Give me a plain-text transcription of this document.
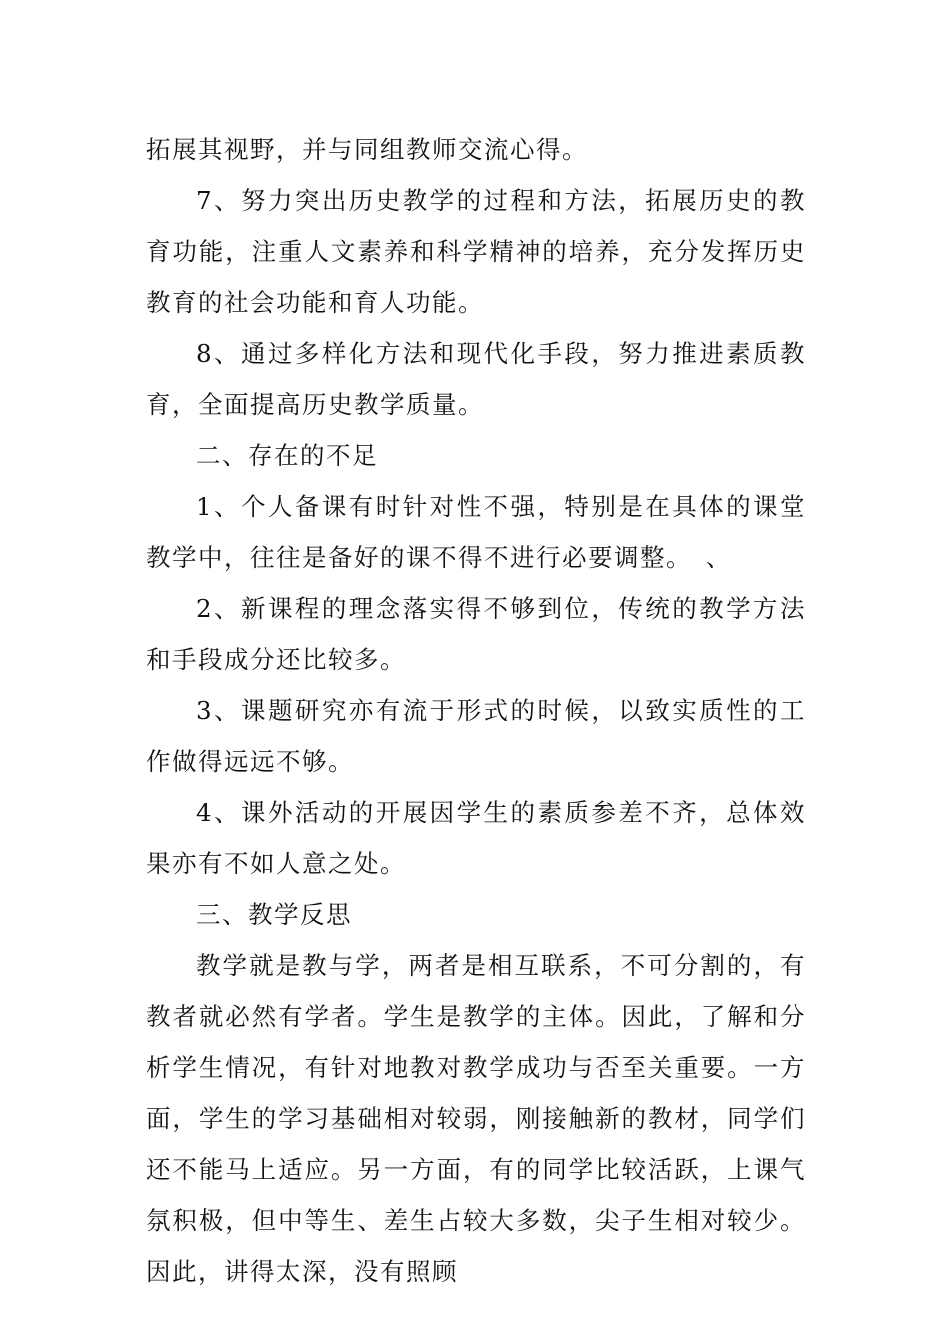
拓展其视野，并与同组教师交流心得。

7、努力突出历史教学的过程和方法，拓展历史的教育功能，注重人文素养和科学精神的培养，充分发挥历史教育的社会功能和育人功能。

8、通过多样化方法和现代化手段，努力推进素质教育，全面提高历史教学质量。

二、存在的不足

1、个人备课有时针对性不强，特别是在具体的课堂教学中，往往是备好的课不得不进行必要调整。　、

2、新课程的理念落实得不够到位，传统的教学方法和手段成分还比较多。

3、课题研究亦有流于形式的时候，以致实质性的工作做得远远不够。

4、课外活动的开展因学生的素质参差不齐，总体效果亦有不如人意之处。

三、教学反思

教学就是教与学，两者是相互联系，不可分割的，有教者就必然有学者。学生是教学的主体。因此，了解和分析学生情况，有针对地教对教学成功与否至关重要。一方面，学生的学习基础相对较弱，刚接触新的教材，同学们还不能马上适应。另一方面，有的同学比较活跃，上课气氛积极，但中等生、差生占较大多数，尖子生相对较少。因此，讲得太深，没有照顾
